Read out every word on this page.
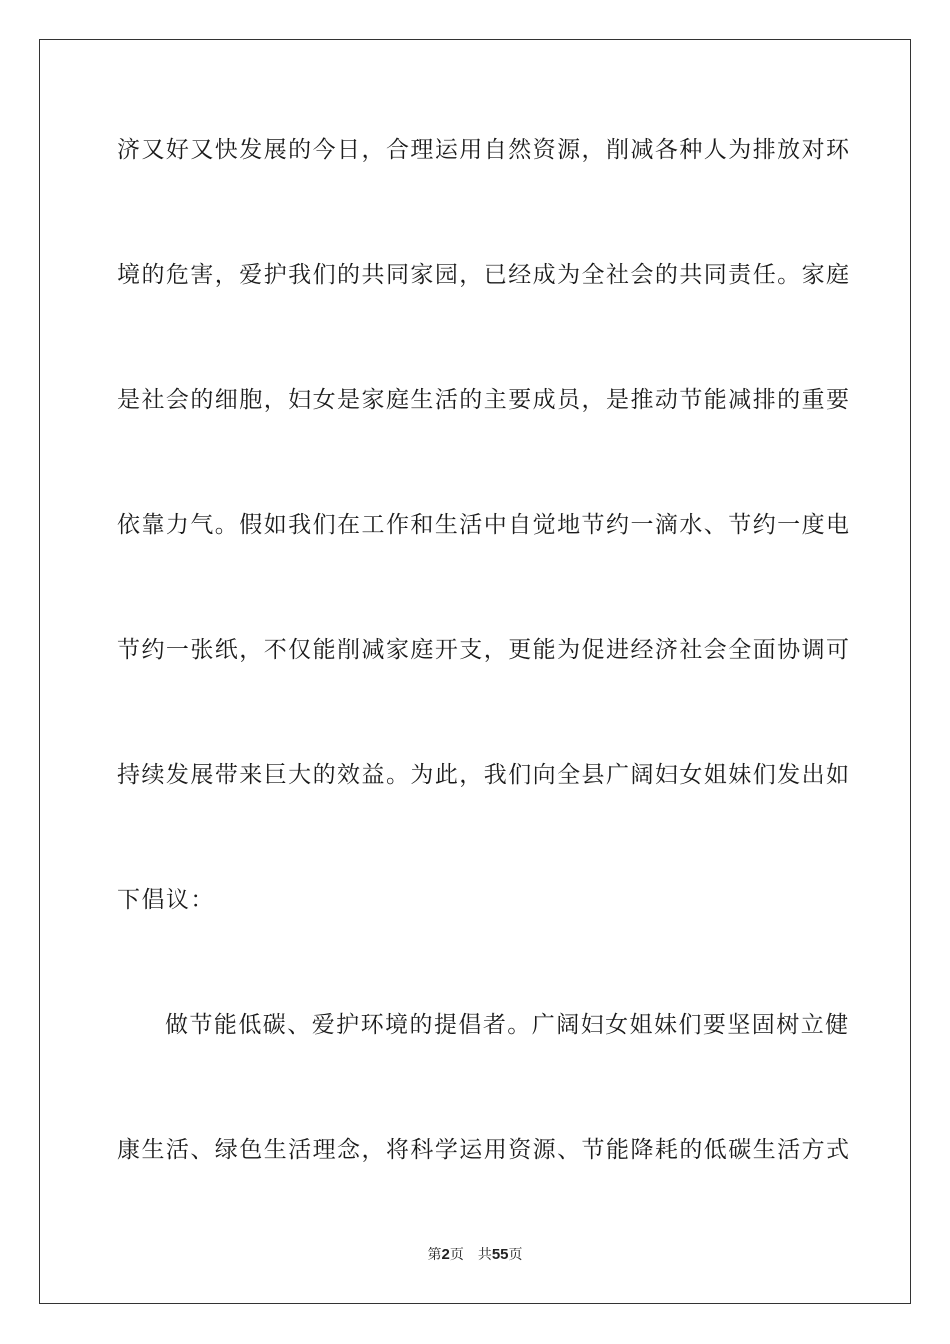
济又好又快发展的今日，合理运用自然资源，削减各种人为排放对环
境的危害，爱护我们的共同家园，已经成为全社会的共同责任。家庭
是社会的细胞，妇女是家庭生活的主要成员，是推动节能减排的重要
依靠力气。假如我们在工作和生活中自觉地节约一滴水、节约一度电
节约一张纸，不仅能削减家庭开支，更能为促进经济社会全面协调可
持续发展带来巨大的效益。为此，我们向全县广阔妇女姐妹们发出如
下倡议：
做节能低碳、爱护环境的提倡者。广阔妇女姐妹们要坚固树立健
康生活、绿色生活理念，将科学运用资源、节能降耗的低碳生活方式
第2页 共55页
